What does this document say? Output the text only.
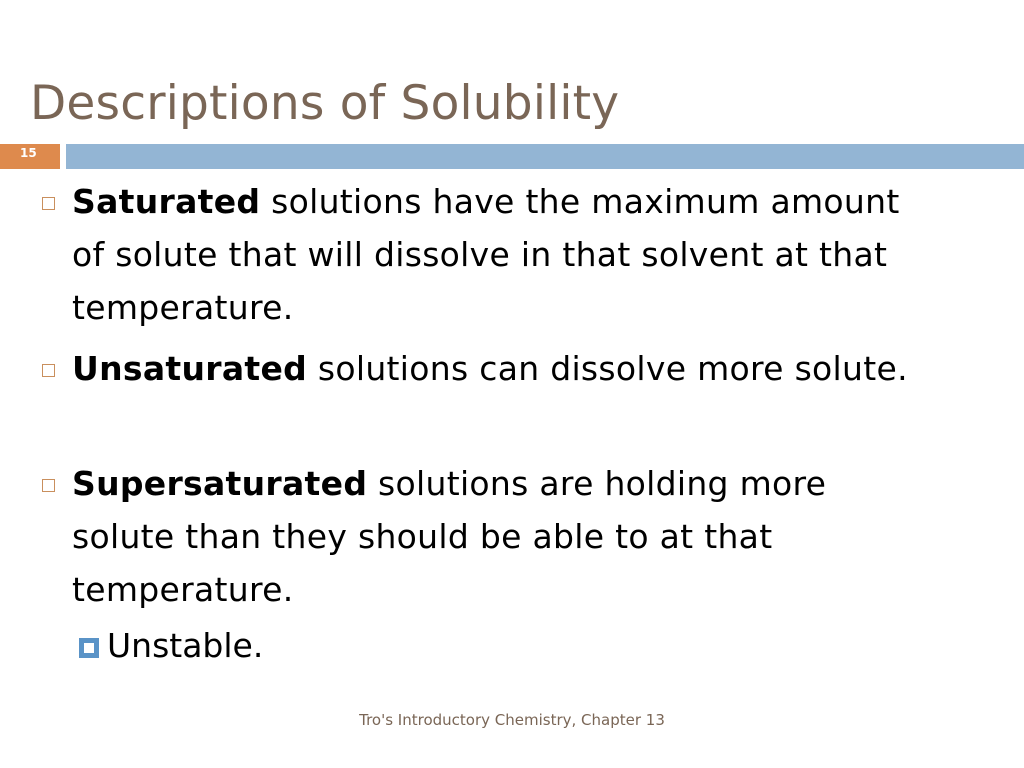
Descriptions of Solubility
15
Saturated solutions have the maximum amount of solute that will dissolve in that solvent at that temperature.
Unsaturated solutions can dissolve more solute.
Supersaturated solutions are holding more solute than they should be able to at that temperature.
Unstable.
Tro's Introductory Chemistry, Chapter 13
